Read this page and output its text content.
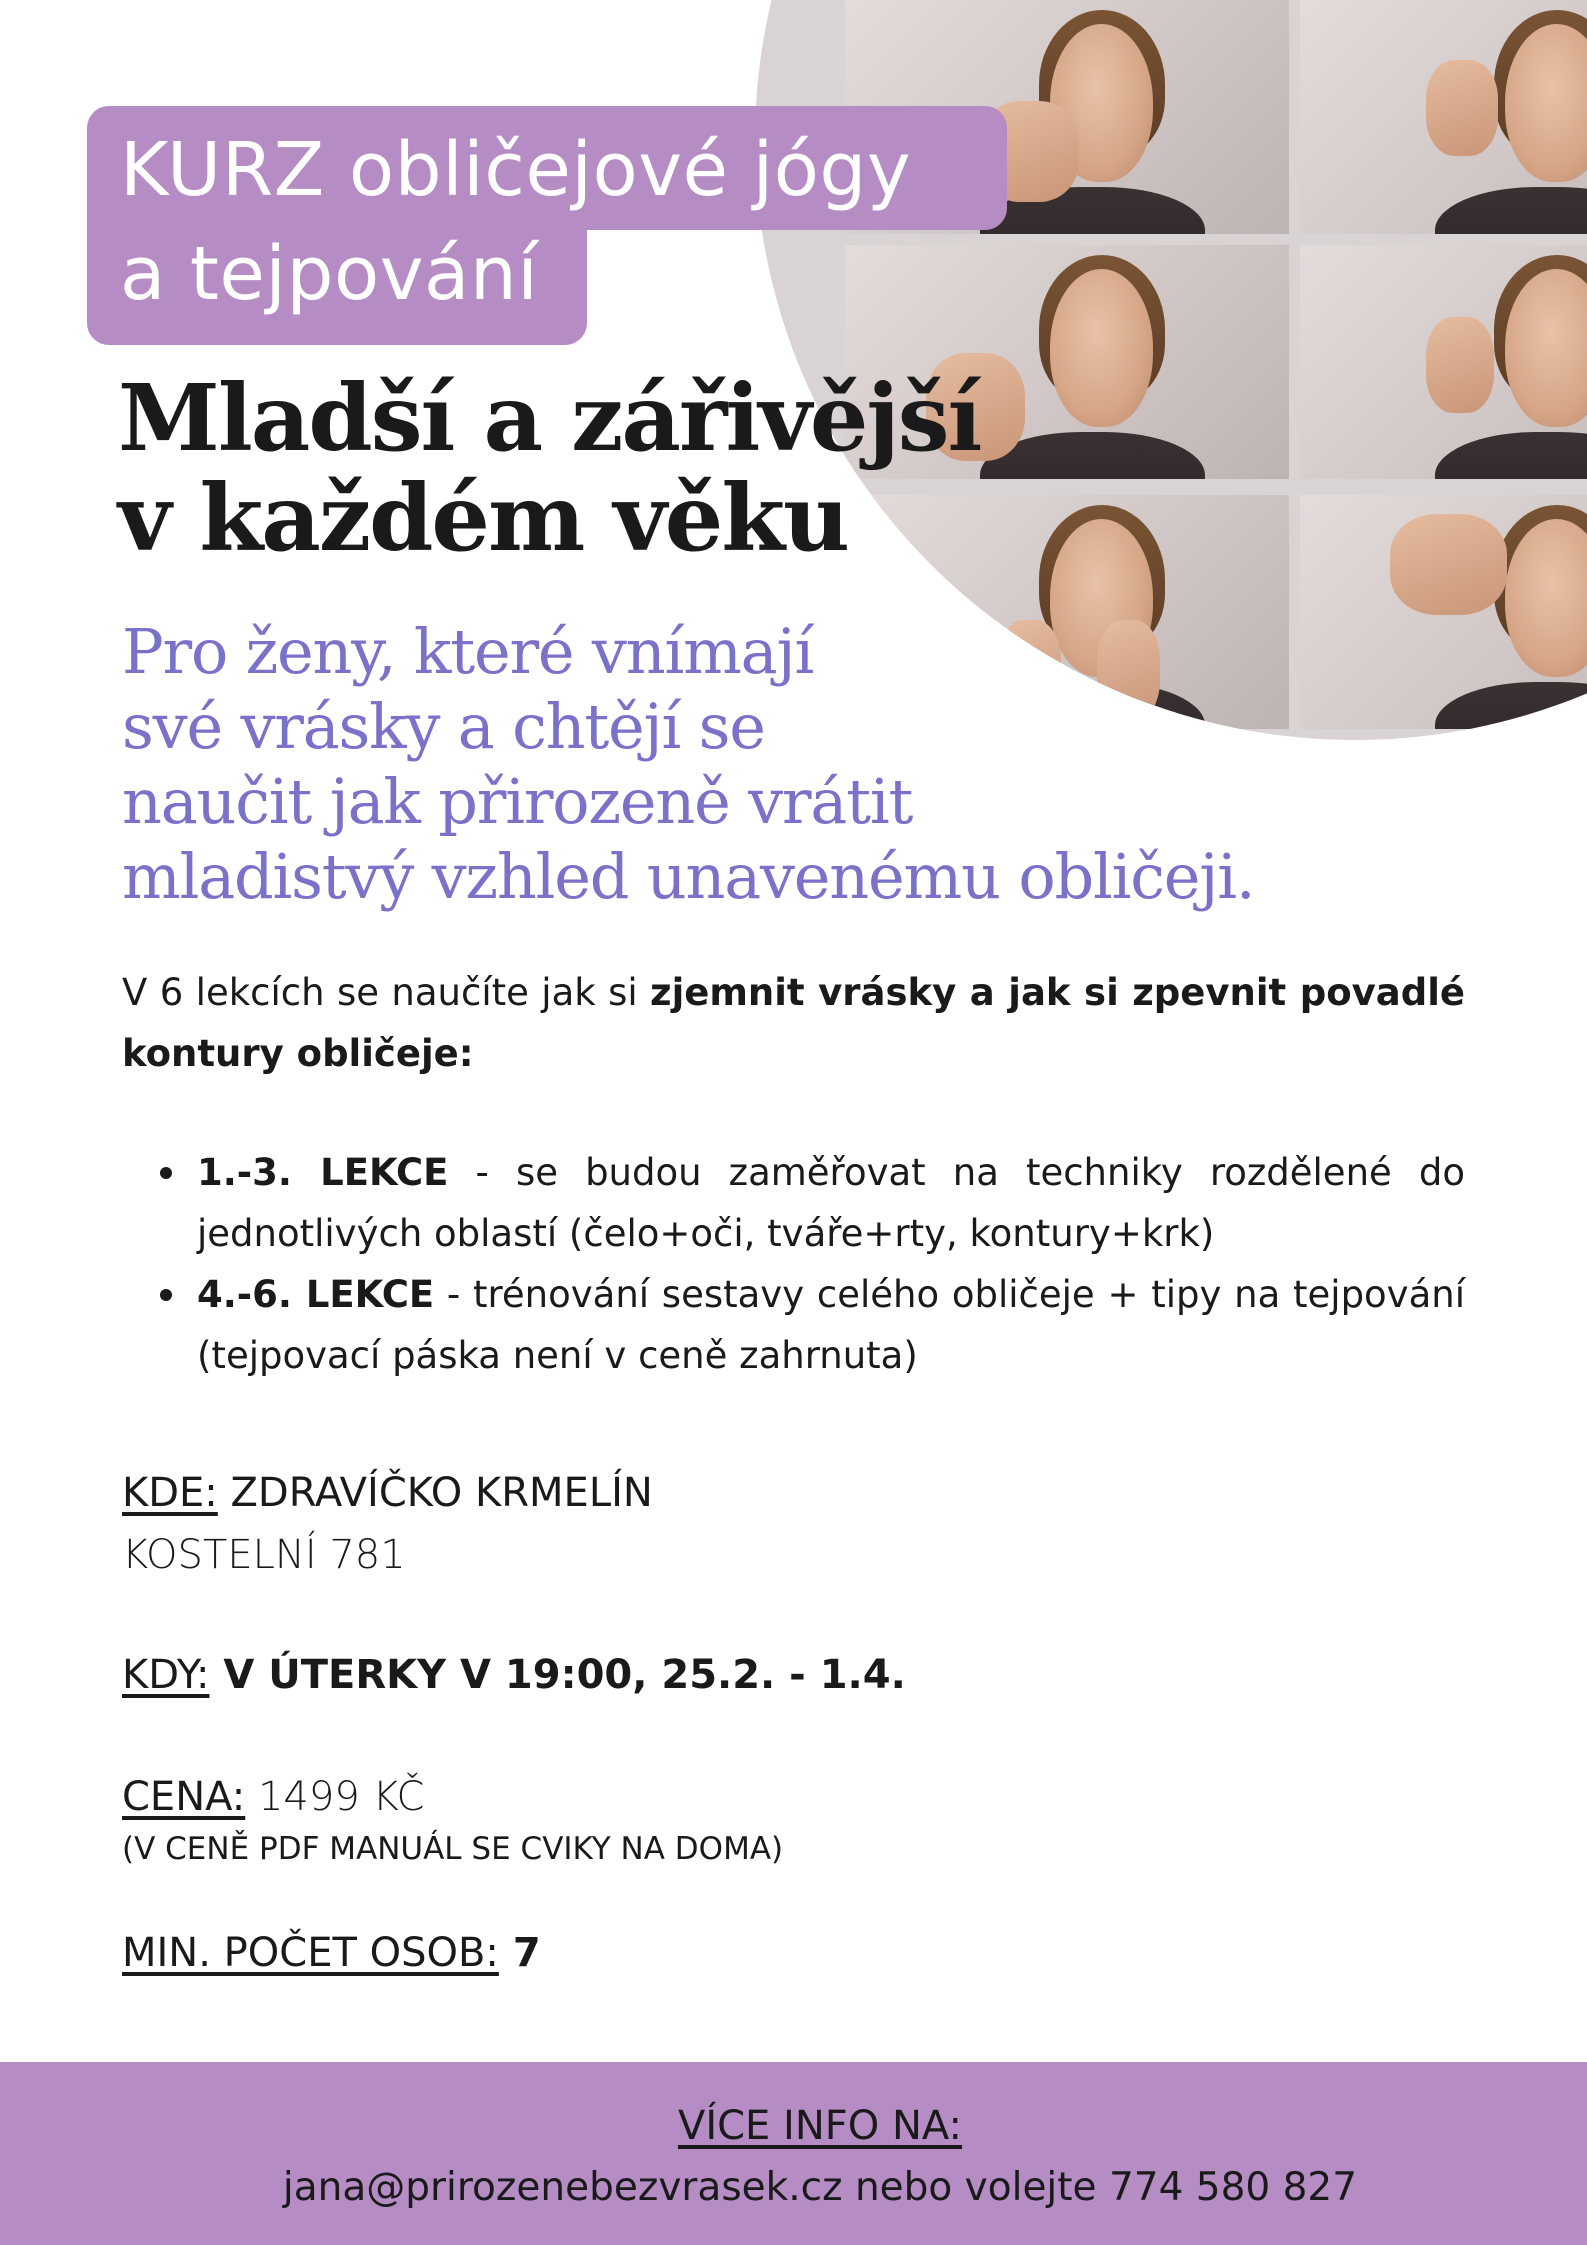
KURZ obličejové jógy
a tejpování
Mladší a zářivější
v každém věku
Pro ženy, které vnímají
své vrásky a chtějí se
naučit jak přirozeně vrátit
mladistvý vzhled unavenému obličeji.

V 6 lekcích se naučíte jak si zjemnit vrásky a jak si zpevnit povadlé kontury obličeje:

1.-3. LEKCE - se budou zaměřovat na techniky rozdělené do jednotlivých oblastí (čelo+oči, tváře+rty, kontury+krk)
4.-6. LEKCE - trénování sestavy celého obličeje + tipy na tejpování (tejpovací páska není v ceně zahrnuta)
KDE: ZDRAVÍČKO KRMELÍN
KOSTELNÍ 781
KDY: V ÚTERKY V 19:00, 25.2. - 1.4.
CENA: 1499 KČ
(V CENĚ PDF MANUÁL SE CVIKY NA DOMA)
MIN. POČET OSOB: 7
VÍCE INFO NA:
jana@prirozenebezvrasek.cz nebo volejte 774 580 827
